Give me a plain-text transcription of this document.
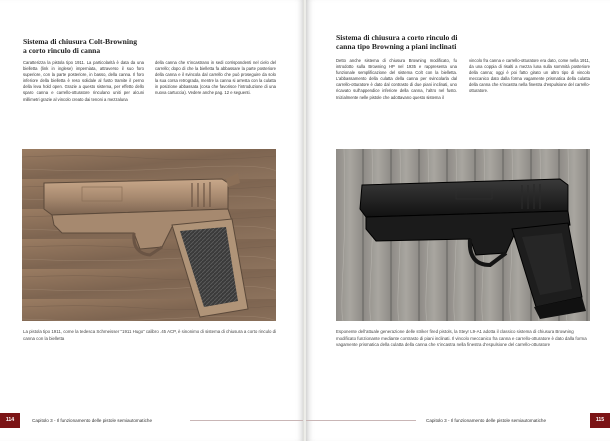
Sistema di chiusura Colt-Browning
a corto rinculo di canna
Caratterizza la pistola tipo 1911. La particolarità è data da una bielletta (link in inglese) imperniata, attraverso il suo foro superiore, con la parte posteriore, in basso, della canna. Il foro inferiore della bielletta è reso solidale al fusto tramite il perno della leva hold open. Grazie a questo sistema, per effetto dello sparo canna e carrello-otturatore rinculano uniti per alcuni millimetri grazie al vincolo creato dai tenoni a mezzaluna
della canna che s’incastrano in sedi corrispondenti nel cielo del carrello; dopo di che la bielletta fa abbassare la parte posteriore della canna e il svincola dal carrello che può proseguire da solo la sua corsa retrograda, mentre la canna si arresta con la culatta in posizione abbassata (cosa che favorisce l’introduzione di una nuova cartuccia). Vedere anche pag. 12 e seguenti.
La pistola tipo 1911, come la tedesca Schmeisser “1911 Hugo” calibro .45 ACP, è sinonimo di sistema di chiusura a corto rinculo di canna con la bielletta
114	Capitolo 3 - Il funzionamento delle pistole semiautomatiche
Sistema di chiusura a corto rinculo di
canna tipo Browning a piani inclinati
Detto anche sistema di chiusura Browning modificato, fu introdotto sulla Browning HP nel 1935 e rappresenta una funzionale semplificazione del sistema Colt con la bielletta. L’abbassamento della culatta della canna per svincolarla dal carrello-otturatore è dato dal contrasto di due piani inclinati, uno ricavato sull’appendice inferiore della canna, l’altro nel fusto. Inizialmente nelle pistole che adottavano questo sistema il
vincolo fra canna e carrello-otturatore era dato, come nella 1911, da una coppia di risalti a mezza luna sulla sommità posteriore della canna; oggi è poi fatto girato un altro tipo di vincolo meccanico dato dalla forma vagamente prismatica della culatta della canna che s’incastra nella finestra d’espulsione del carrello-otturatore.
Esponente dell’attuale generazione delle striker fired pistols, la Steyr L9-A1 adotta il classico sistema di chiusura Browning modificato funzionante mediante contrasto di piani inclinati. Il vincolo meccanico fra canna e carrello-otturatore è dato dalla forma vagamente prismatica della culatta della canna che s’incastra nella finestra d’espulsione del carrello-otturatore
Capitolo 3 - Il funzionamento delle pistole semiautomatiche	115
